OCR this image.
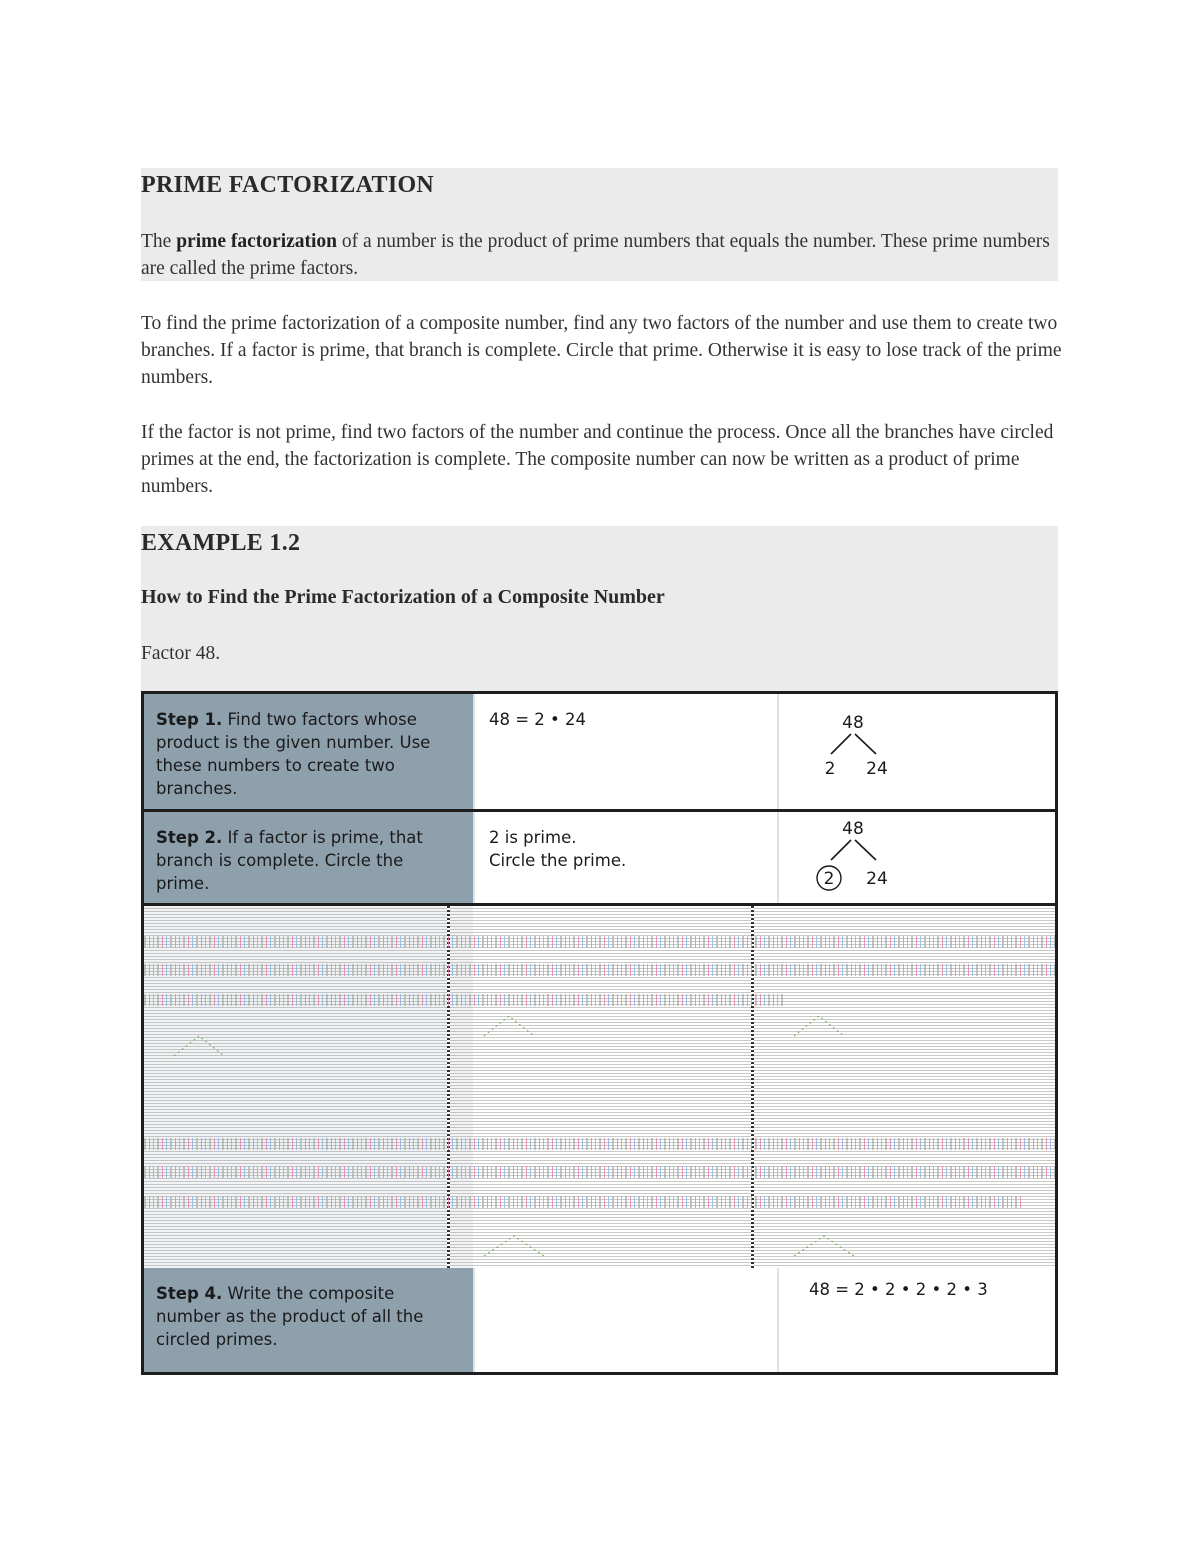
PRIME FACTORIZATION

The prime factorization of a number is the product of prime numbers that equals the number. These prime numbers are called the prime factors.

To find the prime factorization of a composite number, find any two factors of the number and use them to create two branches. If a factor is prime, that branch is complete. Circle that prime. Otherwise it is easy to lose track of the prime numbers.

If the factor is not prime, find two factors of the number and continue the process. Once all the branches have circled primes at the end, the factorization is complete. The composite number can now be written as a product of prime numbers.

EXAMPLE 1.2
How to Find the Prime Factorization of a Composite Number
Factor 48.
Step 1. Find two factors whose product is the given number. Use these numbers to create two branches.
48 = 2 • 24	48
2 24
Step 2. If a factor is prime, that branch is complete. Circle the prime.
2 is prime.
Circle the prime.
48
2 24
Step 4. Write the composite number as the product of all the circled primes.
48 = 2 • 2 • 2 • 2 • 3
